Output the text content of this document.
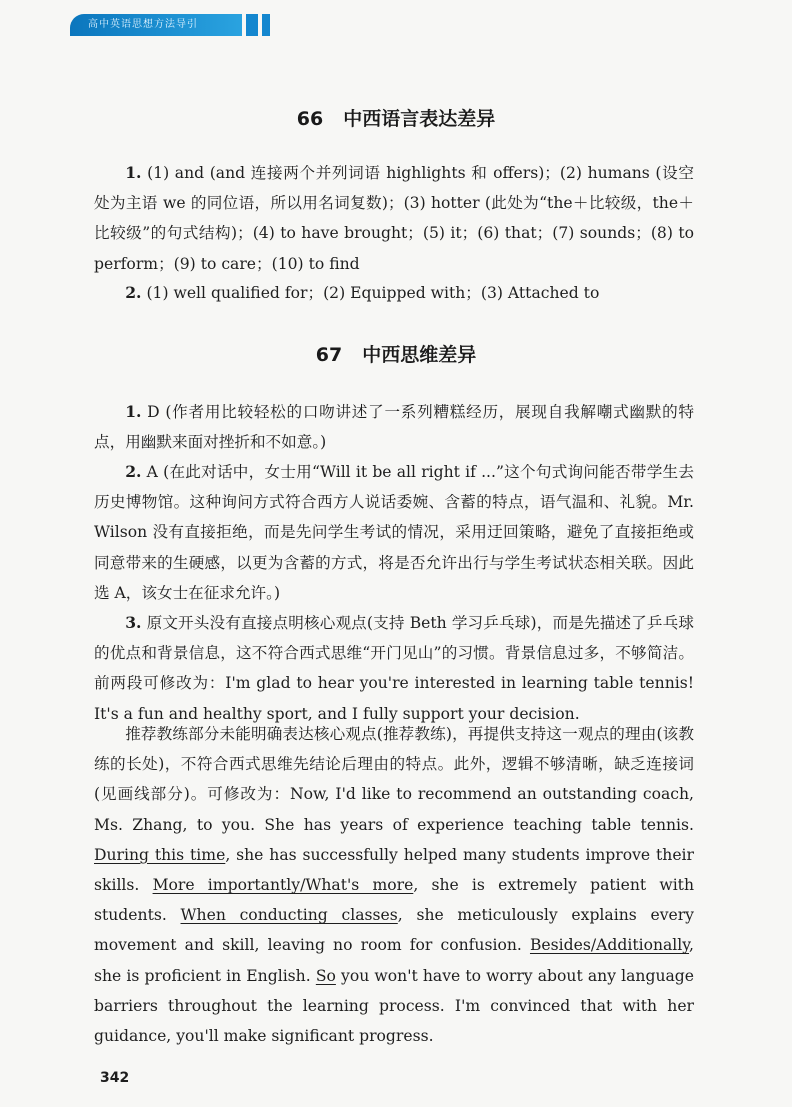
高中英语思想方法导引
66 中西语言表达差异
1. (1) and (and 连接两个并列词语 highlights 和 offers)；(2) humans (设空处为主语 we 的同位语，所以用名词复数)；(3) hotter (此处为“the＋比较级，the＋比较级”的句式结构)；(4) to have brought；(5) it；(6) that；(7) sounds；(8) to perform；(9) to care；(10) to find
2. (1) well qualified for；(2) Equipped with；(3) Attached to
67 中西思维差异
1. D (作者用比较轻松的口吻讲述了一系列糟糕经历，展现自我解嘲式幽默的特点，用幽默来面对挫折和不如意。)
2. A (在此对话中，女士用“Will it be all right if ...”这个句式询问能否带学生去历史博物馆。这种询问方式符合西方人说话委婉、含蓄的特点，语气温和、礼貌。Mr. Wilson 没有直接拒绝，而是先问学生考试的情况，采用迂回策略，避免了直接拒绝或同意带来的生硬感，以更为含蓄的方式，将是否允许出行与学生考试状态相关联。因此选 A，该女士在征求允许。)
3. 原文开头没有直接点明核心观点(支持 Beth 学习乒乓球)，而是先描述了乒乓球的优点和背景信息，这不符合西式思维“开门见山”的习惯。背景信息过多，不够简洁。前两段可修改为：I'm glad to hear you're interested in learning table tennis! It's a fun and healthy sport, and I fully support your decision.
推荐教练部分未能明确表达核心观点(推荐教练)，再提供支持这一观点的理由(该教练的长处)，不符合西式思维先结论后理由的特点。此外，逻辑不够清晰，缺乏连接词(见画线部分)。可修改为：Now, I'd like to recommend an outstanding coach, Ms. Zhang, to you. She has years of experience teaching table tennis. During this time, she has successfully helped many students improve their skills. More importantly/What's more, she is extremely patient with students. When conducting classes, she meticulously explains every movement and skill, leaving no room for confusion. Besides/Additionally, she is proficient in English. So you won't have to worry about any language barriers throughout the learning process. I'm convinced that with her guidance, you'll make significant progress.
342
